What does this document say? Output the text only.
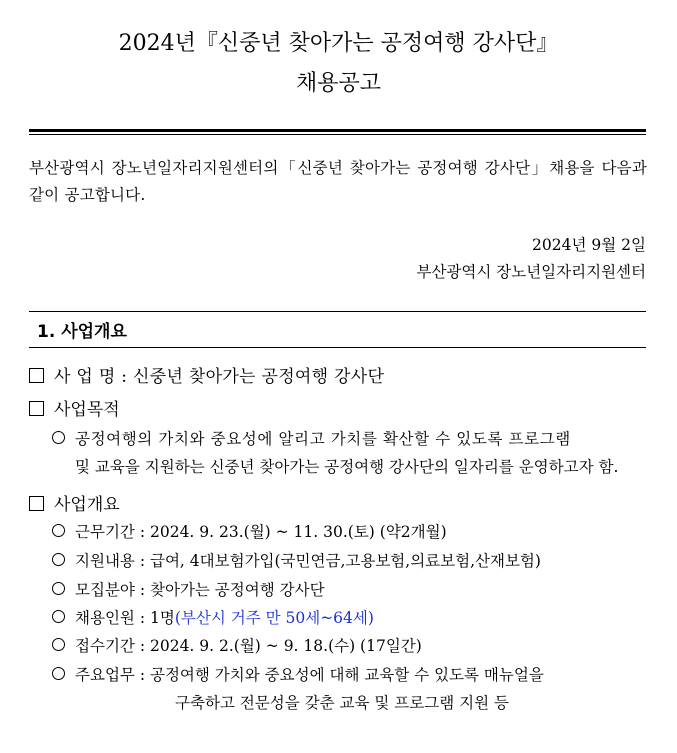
2024년『신중년 찾아가는 공정여행 강사단』
채용공고
부산광역시 장노년일자리지원센터의「신중년 찾아가는 공정여행 강사단」채용을 다음과 같이 공고합니다.
2024년 9월 2일
부산광역시 장노년일자리지원센터
1. 사업개요
사 업 명 : 신중년 찾아가는 공정여행 강사단
사업목적
공정여행의 가치와 중요성에 알리고 가치를 확산할 수 있도록 프로그램
및 교육을 지원하는 신중년 찾아가는 공정여행 강사단의 일자리를 운영하고자 함.
사업개요
근무기간 : 2024. 9. 23.(월) ~ 11. 30.(토) (약2개월)
지원내용 : 급여, 4대보험가입(국민연금,고용보험,의료보험,산재보험)
모집분야 : 찾아가는 공정여행 강사단
채용인원 : 1명(부산시 거주 만 50세~64세)
접수기간 : 2024. 9. 2.(월) ~ 9. 18.(수) (17일간)
주요업무 : 공정여행 가치와 중요성에 대해 교육할 수 있도록 매뉴얼을
구축하고 전문성을 갖춘 교육 및 프로그램 지원 등
